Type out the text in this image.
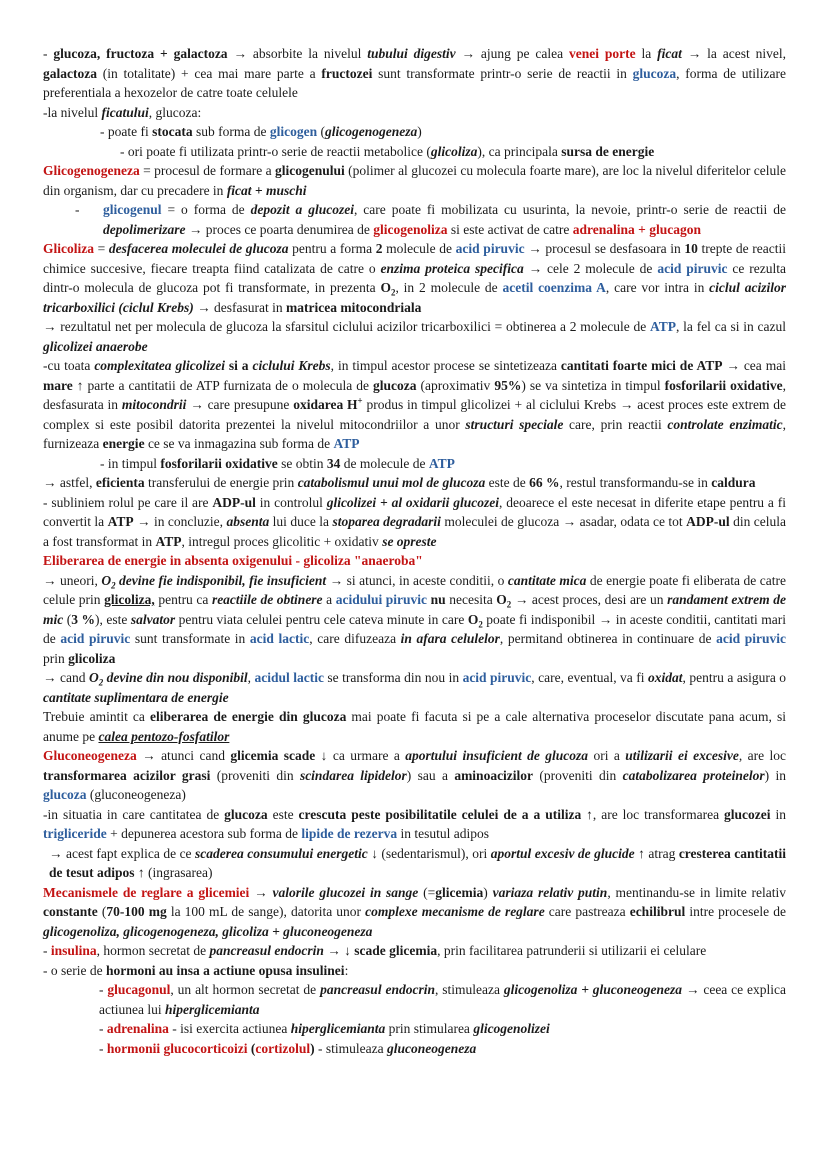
- glucoza, fructoza + galactoza → absorbite la nivelul tubului digestiv → ajung pe calea venei porte la ficat → la acest nivel, galactoza (in totalitate) + cea mai mare parte a fructozei sunt transformate printr-o serie de reactii in glucoza, forma de utilizare preferentiala a hexozelor de catre toate celulele

-la nivelul ficatului, glucoza:

- poate fi stocata sub forma de glicogen (glicogenogeneza)

- ori poate fi utilizata printr-o serie de reactii metabolice (glicoliza), ca principala sursa de energie

Glicogenogeneza = procesul de formare a glicogenului (polimer al glucozei cu molecula foarte mare), are loc la nivelul diferitelor celule din organism, dar cu precadere in ficat + muschi

- glicogenul = o forma de depozit a glucozei, care poate fi mobilizata cu usurinta, la nevoie, printr-o serie de reactii de depolimerizare → proces ce poarta denumirea de glicogenoliza si este activat de catre adrenalina + glucagon

Glicoliza = desfacerea moleculei de glucoza pentru a forma 2 molecule de acid piruvic → procesul se desfasoara in 10 trepte de reactii chimice succesive, fiecare treapta fiind catalizata de catre o enzima proteica specifica → cele 2 molecule de acid piruvic ce rezulta dintr-o molecula de glucoza pot fi transformate, in prezenta $O_2$, in 2 molecule de acetil coenzima A, care vor intra in ciclul acizilor tricarboxilici (ciclul Krebs) → desfasurat in matricea mitocondriala

→ rezultatul net per molecula de glucoza la sfarsitul ciclului acizilor tricarboxilici = obtinerea a 2 molecule de ATP, la fel ca si in cazul glicolizei anaerobe

-cu toata complexitatea glicolizei si a ciclului Krebs, in timpul acestor procese se sintetizeaza cantitati foarte mici de ATP → cea mai mare ↑ parte a cantitatii de ATP furnizata de o molecula de glucoza (aproximativ 95%) se va sintetiza in timpul fosforilarii oxidative, desfasurata in mitocondrii → care presupune oxidarea H+ produs in timpul glicolizei + al ciclului Krebs → acest proces este extrem de complex si este posibil datorita prezentei la nivelul mitocondriilor a unor structuri speciale care, prin reactii controlate enzimatic, furnizeaza energie ce se va inmagazina sub forma de ATP

- in timpul fosforilarii oxidative se obtin 34 de molecule de ATP

→ astfel, eficienta transferului de energie prin catabolismul unui mol de glucoza este de 66 %, restul transformandu-se in caldura

- subliniem rolul pe care il are ADP-ul in controlul glicolizei + al oxidarii glucozei, deoarece el este necesat in diferite etape pentru a fi convertit la ATP → in concluzie, absenta lui duce la stoparea degradarii moleculei de glucoza → asadar, odata ce tot ADP-ul din celula a fost transformat in ATP, intregul proces glicolitic + oxidativ se opreste

Eliberarea de energie in absenta oxigenului - glicoliza "anaeroba"

→ uneori, $O_2$ devine fie indisponibil, fie insuficient → si atunci, in aceste conditii, o cantitate mica de energie poate fi eliberata de catre celule prin glicoliza, pentru ca reactiile de obtinere a acidului piruvic nu necesita $O_2$ → acest proces, desi are un randament extrem de mic (3 %), este salvator pentru viata celulei pentru cele cateva minute in care $O_2$ poate fi indisponibil → in aceste conditii, cantitati mari de acid piruvic sunt transformate in acid lactic, care difuzeaza in afara celulelor, permitand obtinerea in continuare de acid piruvic prin glicoliza

→ cand $O_2$ devine din nou disponibil, acidul lactic se transforma din nou in acid piruvic, care, eventual, va fi oxidat, pentru a asigura o cantitate suplimentara de energie

Trebuie amintit ca eliberarea de energie din glucoza mai poate fi facuta si pe a cale alternativa proceselor discutate pana acum, si anume pe calea pentozo-fosfatilor

Gluconeogeneza → atunci cand glicemia scade ↓ ca urmare a aportului insuficient de glucoza ori a utilizarii ei excesive, are loc transformarea acizilor grasi (proveniti din scindarea lipidelor) sau a aminoacizilor (proveniti din catabolizarea proteinelor) in glucoza (gluconeogeneza)

-in situatia in care cantitatea de glucoza este crescuta peste posibilitatile celulei de a a utiliza ↑, are loc transformarea glucozei in trigliceride + depunerea acestora sub forma de lipide de rezerva in tesutul adipos

→ acest fapt explica de ce scaderea consumului energetic ↓ (sedentarismul), ori aportul excesiv de glucide ↑ atrag cresterea cantitatii de tesut adipos ↑ (ingrasarea)

Mecanismele de reglare a glicemiei → valorile glucozei in sange (=glicemia) variaza relativ putin, mentinandu-se in limite relativ constante (70-100 mg la 100 mL de sange), datorita unor complexe mecanisme de reglare care pastreaza echilibrul intre procesele de glicogenoliza, glicogenogeneza, glicoliza + gluconeogeneza

- insulina, hormon secretat de pancreasul endocrin → ↓ scade glicemia, prin facilitarea patrunderii si utilizarii ei celulare

- o serie de hormoni au insa a actiune opusa insulinei:

- glucagonul, un alt hormon secretat de pancreasul endocrin, stimuleaza glicogenoliza + gluconeogeneza → ceea ce explica actiunea lui hiperglicemianta

- adrenalina - isi exercita actiunea hiperglicemianta prin stimularea glicogenolizei

- hormonii glucocorticoizi (cortizolul) - stimuleaza gluconeogeneza
